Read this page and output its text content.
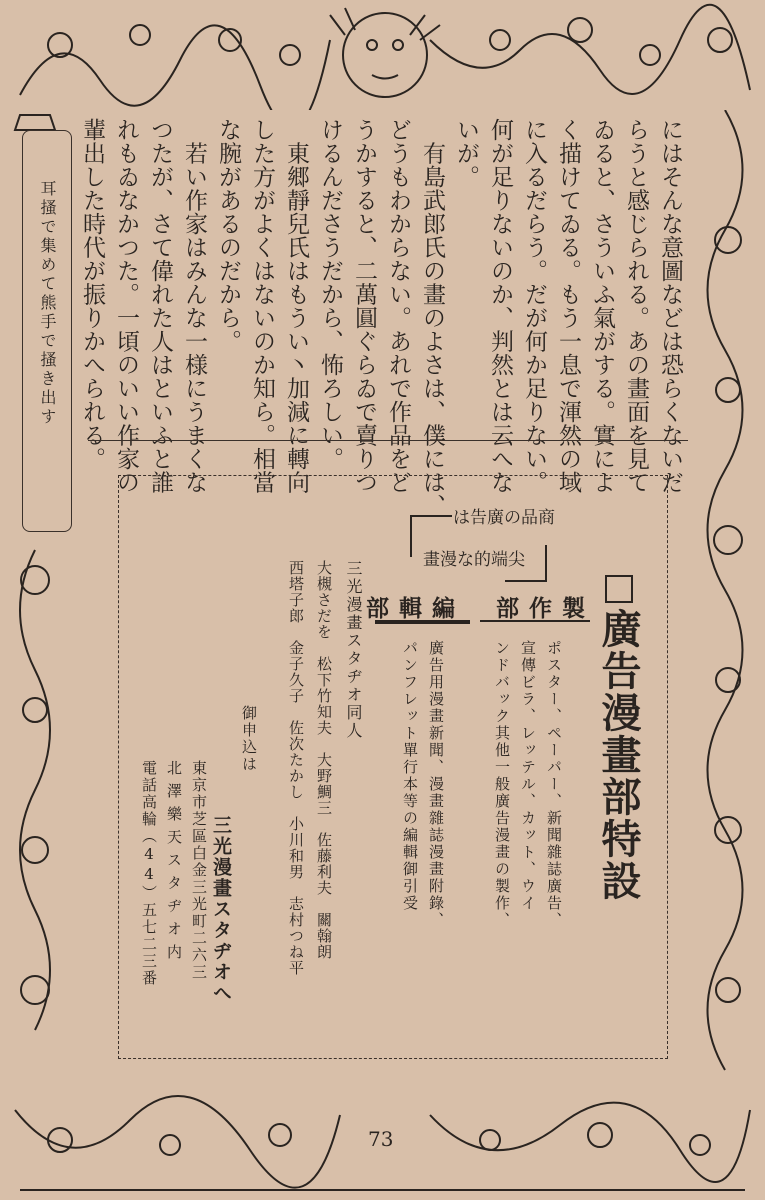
にはそんな意圖などは恐らくないだ

らうと感じられる。あの畫面を見て

ゐると、さういふ氣がする。實によ

く描けてゐる。もう一息で渾然の域

に入るだらう。だが何か足りない。

何が足りないのか、判然とは云へな

いが。

　有島武郎氏の畫のよさは、僕には、

どうもわからない。あれで作品をど

うかすると、二萬圓ぐらゐで賣りつ

けるんださうだから、怖ろしい。

　東郷靜兒氏はもうい丶加減に轉向

した方がよくはないのか知ら。相當

な腕があるのだから。

　若い作家はみんな一様にうまくな

つたが、さて偉れた人はといふと誰

れもゐなかつた。一頃のいい作家の

輩出した時代が振りかへられる。

耳搔で集めて熊手で搔き出す
商品の廣告は
尖端的な漫畫
廣告漫畫部特設
製作部
ポスター、ペーパー、新聞雜誌廣告、
宣傳ビラ、レッテル、カット、ウイ
ンドバック其他一般廣告漫畫の製作、
編輯部
廣告用漫畫新聞、漫畫雜誌漫畫附錄、
パンフレット單行本等の編輯御引受
三光漫畫スタヂオ同人
大槻さだを　松下竹知夫　大野鯛三　佐藤利夫　關翰朗
西塔子郎　金子久子　佐次たかし　小川和男　志村つね平
御申込は
三光漫畫スタヂオへ
東京市芝區白金三光町二六三
北澤樂天スタヂオ内
電話高輪（44）五七二三番
73
